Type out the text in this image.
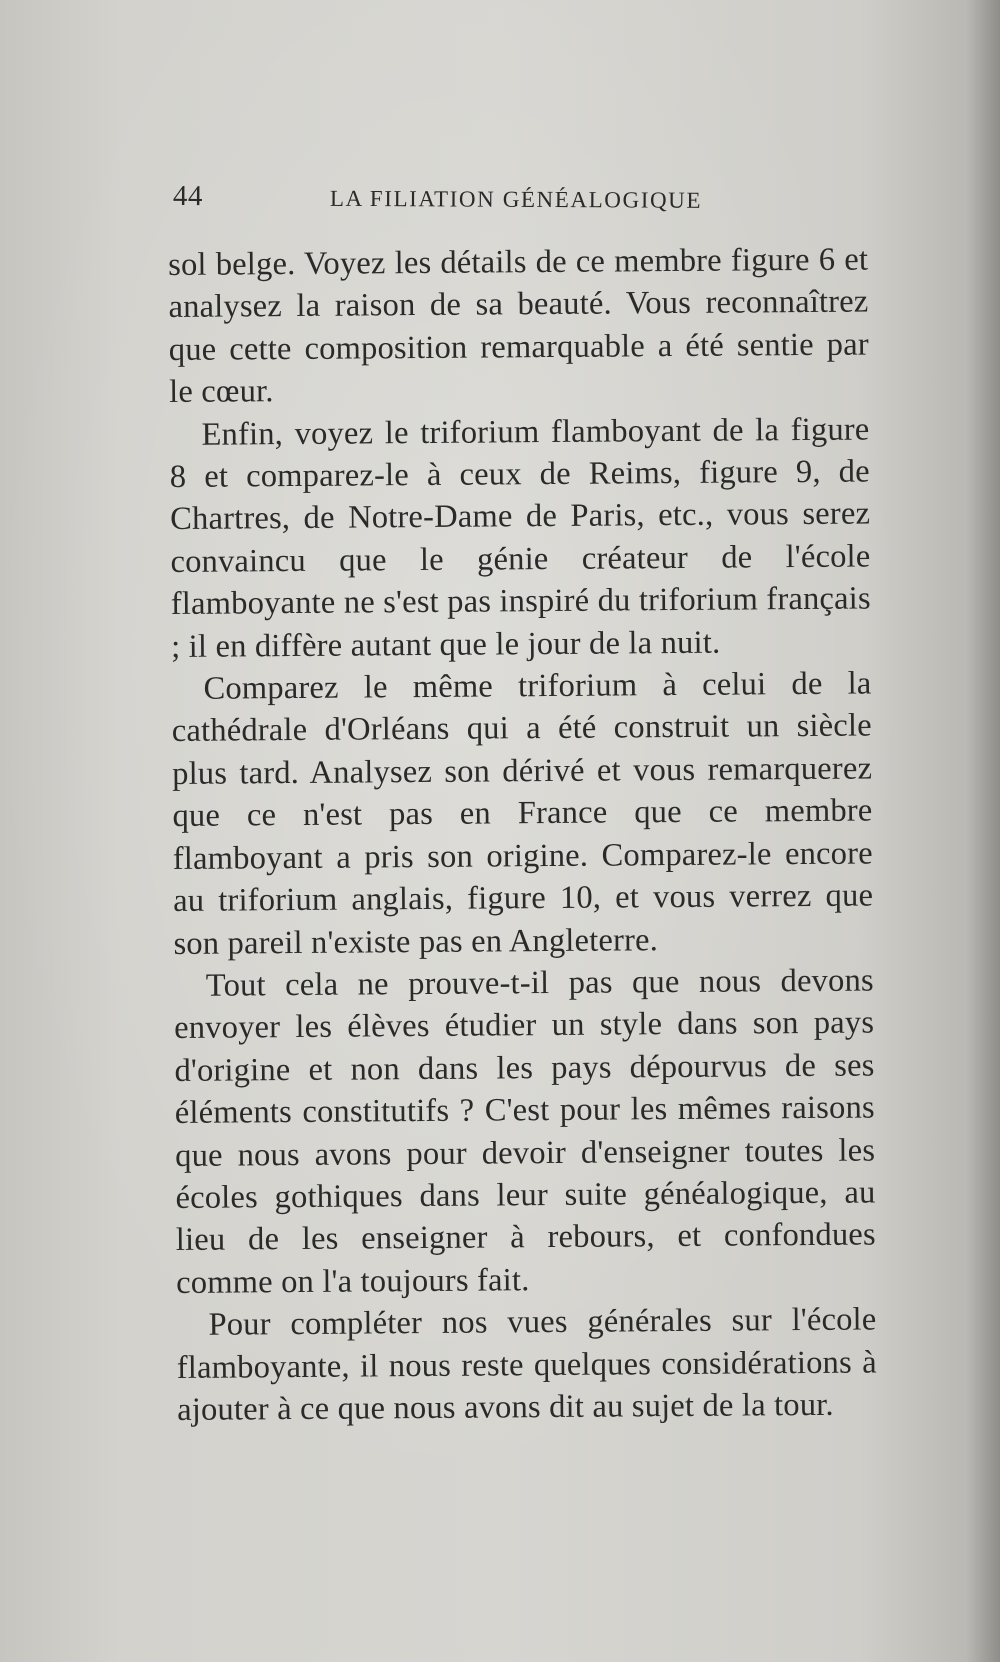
44	LA FILIATION GÉNÉALOGIQUE

sol belge. Voyez les détails de ce membre figure 6 et analysez la raison de sa beauté. Vous reconnaîtrez que cette composition remarquable a été sentie par le cœur.

Enfin, voyez le triforium flamboyant de la figure 8 et comparez-le à ceux de Reims, figure 9, de Chartres, de Notre-Dame de Paris, etc., vous serez convaincu que le génie créateur de l'école flamboyante ne s'est pas inspiré du triforium français ; il en diffère autant que le jour de la nuit.

Comparez le même triforium à celui de la cathédrale d'Orléans qui a été construit un siècle plus tard. Analysez son dérivé et vous remarquerez que ce n'est pas en France que ce membre flamboyant a pris son origine. Comparez-le encore au triforium anglais, figure 10, et vous verrez que son pareil n'existe pas en Angleterre.

Tout cela ne prouve-t-il pas que nous devons envoyer les élèves étudier un style dans son pays d'origine et non dans les pays dépourvus de ses éléments constitutifs ? C'est pour les mêmes raisons que nous avons pour devoir d'enseigner toutes les écoles gothiques dans leur suite généalogique, au lieu de les enseigner à rebours, et confondues comme on l'a toujours fait.

Pour compléter nos vues générales sur l'école flamboyante, il nous reste quelques considérations à ajouter à ce que nous avons dit au sujet de la tour.
